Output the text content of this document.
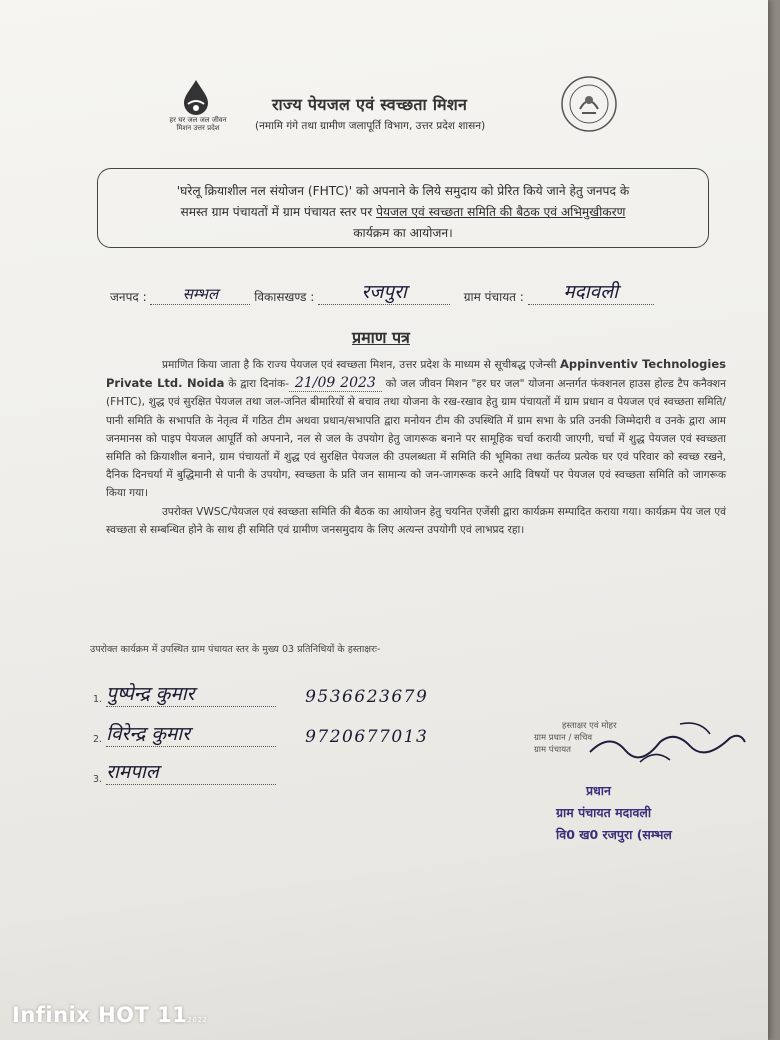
हर घर जल जल जीवन मिशन उत्तर प्रदेश
राज्य पेयजल एवं स्वच्छता मिशन
(नमामि गंगे तथा ग्रामीण जलापूर्ति विभाग, उत्तर प्रदेश शासन)
'घरेलू क्रियाशील नल संयोजन (FHTC)' को अपनाने के लिये समुदाय को प्रेरित किये जाने हेतु जनपद के
समस्त ग्राम पंचायतों में ग्राम पंचायत स्तर पर पेयजल एवं स्वच्छता समिति की बैठक एवं अभिमुखीकरण
कार्यक्रम का आयोजन।
जनपद : सम्भल	विकासखण्ड : रजपुरा	ग्राम पंचायत : मदावली
प्रमाण पत्र

प्रमाणित किया जाता है कि राज्य पेयजल एवं स्वच्छता मिशन, उत्तर प्रदेश के माध्यम से सूचीबद्ध एजेन्सी Appinventiv Technologies Private Ltd. Noida के द्वारा दिनांक- 21/09 2023 को जल जीवन मिशन "हर घर जल" योजना अन्तर्गत फंक्शनल हाउस होल्ड टैप कनैक्शन (FHTC), शुद्ध एवं सुरक्षित पेयजल तथा जल-जनित बीमारियों से बचाव तथा योजना के रख-रखाव हेतु ग्राम पंचायतों में ग्राम प्रधान व पेयजल एवं स्वच्छता समिति/पानी समिति के सभापति के नेतृत्व में गठित टीम अथवा प्रधान/सभापति द्वारा मनोयन टीम की उपस्थिति में ग्राम सभा के प्रति उनकी जिम्मेदारी व उनके द्वारा आम जनमानस को पाइप पेयजल आपूर्ति को अपनाने, नल से जल के उपयोग हेतु जागरूक बनाने पर सामूहिक चर्चा करायी जाएगी, चर्चा में शुद्ध पेयजल एवं स्वच्छता समिति को क्रियाशील बनाने, ग्राम पंचायतों में शुद्ध एवं सुरक्षित पेयजल की उपलब्धता में समिति की भूमिका तथा कर्तव्य प्रत्येक घर एवं परिवार को स्वच्छ रखने, दैनिक दिनचर्या में बुद्धिमानी से पानी के उपयोग, स्वच्छता के प्रति जन सामान्य को जन-जागरूक करने आदि विषयों पर पेयजल एवं स्वच्छता समिति को जागरूक किया गया।

उपरोक्त VWSC/पेयजल एवं स्वच्छता समिति की बैठक का आयोजन हेतु चयनित एजेंसी द्वारा कार्यक्रम सम्पादित कराया गया। कार्यक्रम पेय जल एवं स्वच्छता से सम्बन्धित होने के साथ ही समिति एवं ग्रामीण जनसमुदाय के लिए अत्यन्त उपयोगी एवं लाभप्रद रहा।

उपरोक्त कार्यक्रम में उपस्थित ग्राम पंचायत स्तर के मुख्य 03 प्रतिनिधियों के हस्ताक्षरः-
1. पुष्पेन्द्र कुमार	9536623679
2. विरेन्द्र कुमार	9720677013
3. रामपाल
हस्ताक्षर एवं मोहर
ग्राम प्रधान / सचिव
ग्राम पंचायत
प्रधान
ग्राम पंचायत मदावली
वि0 ख0 रजपुरा (सम्भल
Infinix HOT 112022
